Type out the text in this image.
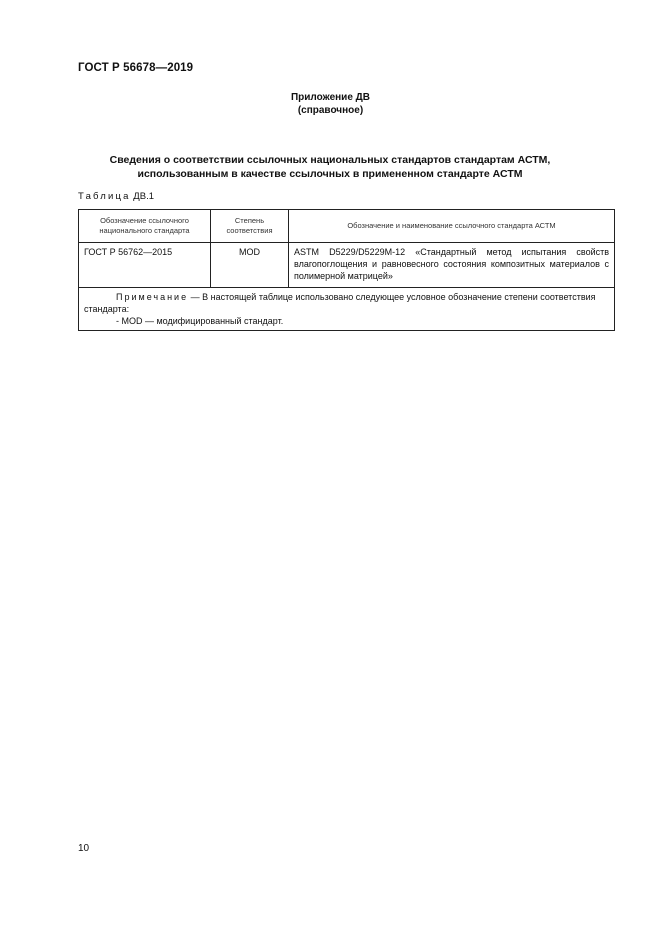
ГОСТ Р 56678—2019
Приложение ДВ
(справочное)
Сведения о соответствии ссылочных национальных стандартов стандартам АСТМ,
использованным в качестве ссылочных в примененном стандарте АСТМ
Таблица ДВ.1
Обозначение ссылочного национального стандарта	Степень соответствия	Обозначение и наименование ссылочного стандарта АСТМ
ГОСТ Р 56762—2015	MOD	ASTM D5229/D5229M-12 «Стандартный метод испытания свойств влагопоглощения и равновесного состояния композитных материалов с полимерной матрицей»

Примечание — В настоящей таблице использовано следующее условное обозначение степени соответствия стандарта:
- MOD — модифицированный стандарт.		
10
